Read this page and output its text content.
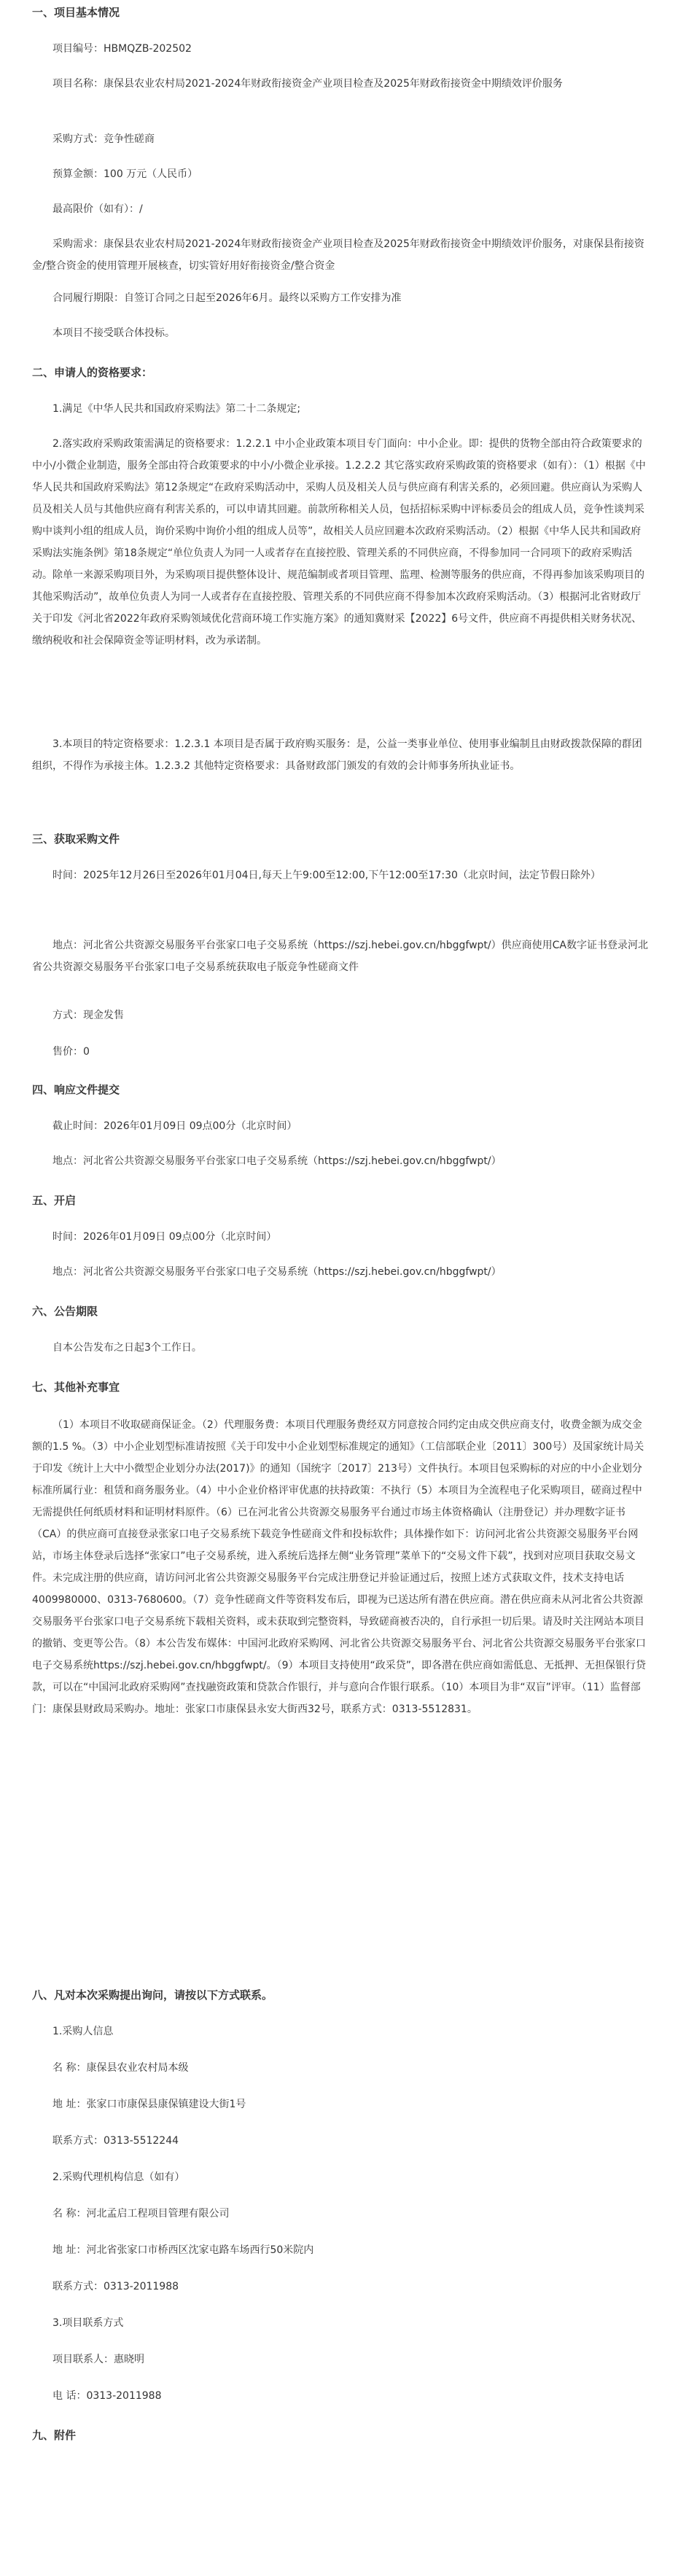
一、项目基本情况
项目编号：HBMQZB-202502
项目名称：康保县农业农村局2021-2024年财政衔接资金产业项目检查及2025年财政衔接资金中期绩效评价服务
采购方式：竞争性磋商
预算金额：100 万元（人民币）
最高限价（如有）：/
采购需求：康保县农业农村局2021-2024年财政衔接资金产业项目检查及2025年财政衔接资金中期绩效评价服务，对康保县衔接资金/整合资金的使用管理开展核查，切实管好用好衔接资金/整合资金
合同履行期限：自签订合同之日起至2026年6月。最终以采购方工作安排为准
本项目不接受联合体投标。
二、申请人的资格要求：
1.满足《中华人民共和国政府采购法》第二十二条规定;
2.落实政府采购政策需满足的资格要求：1.2.2.1 中小企业政策本项目专门面向：中小企业。即：提供的货物全部由符合政策要求的中小/小微企业制造，服务全部由符合政策要求的中小/小微企业承接。1.2.2.2 其它落实政府采购政策的资格要求（如有）：（1）根据《中华人民共和国政府采购法》第12条规定“在政府采购活动中，采购人员及相关人员与供应商有利害关系的，必须回避。供应商认为采购人员及相关人员与其他供应商有利害关系的，可以申请其回避。前款所称相关人员，包括招标采购中评标委员会的组成人员，竞争性谈判采购中谈判小组的组成人员，询价采购中询价小组的组成人员等”，故相关人员应回避本次政府采购活动。（2）根据《中华人民共和国政府采购法实施条例》第18条规定“单位负责人为同一人或者存在直接控股、管理关系的不同供应商，不得参加同一合同项下的政府采购活动。除单一来源采购项目外，为采购项目提供整体设计、规范编制或者项目管理、监理、检测等服务的供应商，不得再参加该采购项目的其他采购活动”，故单位负责人为同一人或者存在直接控股、管理关系的不同供应商不得参加本次政府采购活动。（3）根据河北省财政厅关于印发《河北省2022年政府采购领域优化营商环境工作实施方案》的通知冀财采【2022】6号文件，供应商不再提供相关财务状况、缴纳税收和社会保障资金等证明材料，改为承诺制。
3.本项目的特定资格要求：1.2.3.1 本项目是否属于政府购买服务：是，公益一类事业单位、使用事业编制且由财政拨款保障的群团组织，不得作为承接主体。1.2.3.2 其他特定资格要求：具备财政部门颁发的有效的会计师事务所执业证书。
三、获取采购文件
时间：2025年12月26日至2026年01月04日,每天上午9:00至12:00,下午12:00至17:30（北京时间，法定节假日除外）
地点：河北省公共资源交易服务平台张家口电子交易系统（https://szj.hebei.gov.cn/hbggfwpt/）供应商使用CA数字证书登录河北省公共资源交易服务平台张家口电子交易系统获取电子版竞争性磋商文件
方式：现金发售
售价：0
四、响应文件提交
截止时间：2026年01月09日 09点00分（北京时间）
地点：河北省公共资源交易服务平台张家口电子交易系统（https://szj.hebei.gov.cn/hbggfwpt/）
五、开启
时间：2026年01月09日 09点00分（北京时间）
地点：河北省公共资源交易服务平台张家口电子交易系统（https://szj.hebei.gov.cn/hbggfwpt/）
六、公告期限
自本公告发布之日起3个工作日。
七、其他补充事宜
（1）本项目不收取磋商保证金。（2）代理服务费：本项目代理服务费经双方同意按合同约定由成交供应商支付，收费金额为成交金额的1.5 %。（3）中小企业划型标准请按照《关于印发中小企业划型标准规定的通知》（工信部联企业〔2011〕300号）及国家统计局关于印发《统计上大中小微型企业划分办法(2017)》的通知（国统字〔2017〕213号）文件执行。本项目包采购标的对应的中小企业划分标准所属行业：租赁和商务服务业。（4）中小企业价格评审优惠的扶持政策：不执行（5）本项目为全流程电子化采购项目，磋商过程中无需提供任何纸质材料和证明材料原件。（6）已在河北省公共资源交易服务平台通过市场主体资格确认（注册登记）并办理数字证书（CA）的供应商可直接登录张家口电子交易系统下载竞争性磋商文件和投标软件；具体操作如下：访问河北省公共资源交易服务平台网站，市场主体登录后选择“张家口”电子交易系统，进入系统后选择左侧“业务管理”菜单下的“交易文件下载”，找到对应项目获取交易文件。未完成注册的供应商，请访问河北省公共资源交易服务平台完成注册登记并验证通过后，按照上述方式获取文件，技术支持电话4009980000、0313-7680600。（7）竞争性磋商文件等资料发布后，即视为已送达所有潜在供应商。潜在供应商未从河北省公共资源交易服务平台张家口电子交易系统下载相关资料，或未获取到完整资料，导致磋商被否决的，自行承担一切后果。请及时关注网站本项目的撤销、变更等公告。（8）本公告发布媒体：中国河北政府采购网、河北省公共资源交易服务平台、河北省公共资源交易服务平台张家口电子交易系统https://szj.hebei.gov.cn/hbggfwpt/。（9）本项目支持使用“政采贷”，即各潜在供应商如需低息、无抵押、无担保银行贷款，可以在“中国河北政府采购网”查找融资政策和贷款合作银行，并与意向合作银行联系。（10）本项目为非“双盲”评审。（11）监督部门：康保县财政局采购办。地址：张家口市康保县永安大街西32号，联系方式：0313-5512831。
八、凡对本次采购提出询问，请按以下方式联系。
1.采购人信息
名 称：康保县农业农村局本级
地 址：张家口市康保县康保镇建设大街1号
联系方式：0313-5512244
2.采购代理机构信息（如有）
名 称：河北孟启工程项目管理有限公司
地 址：河北省张家口市桥西区沈家屯路车场西行50米院内
联系方式：0313-2011988
3.项目联系方式
项目联系人：惠晓明
电 话：0313-2011988
九、附件
